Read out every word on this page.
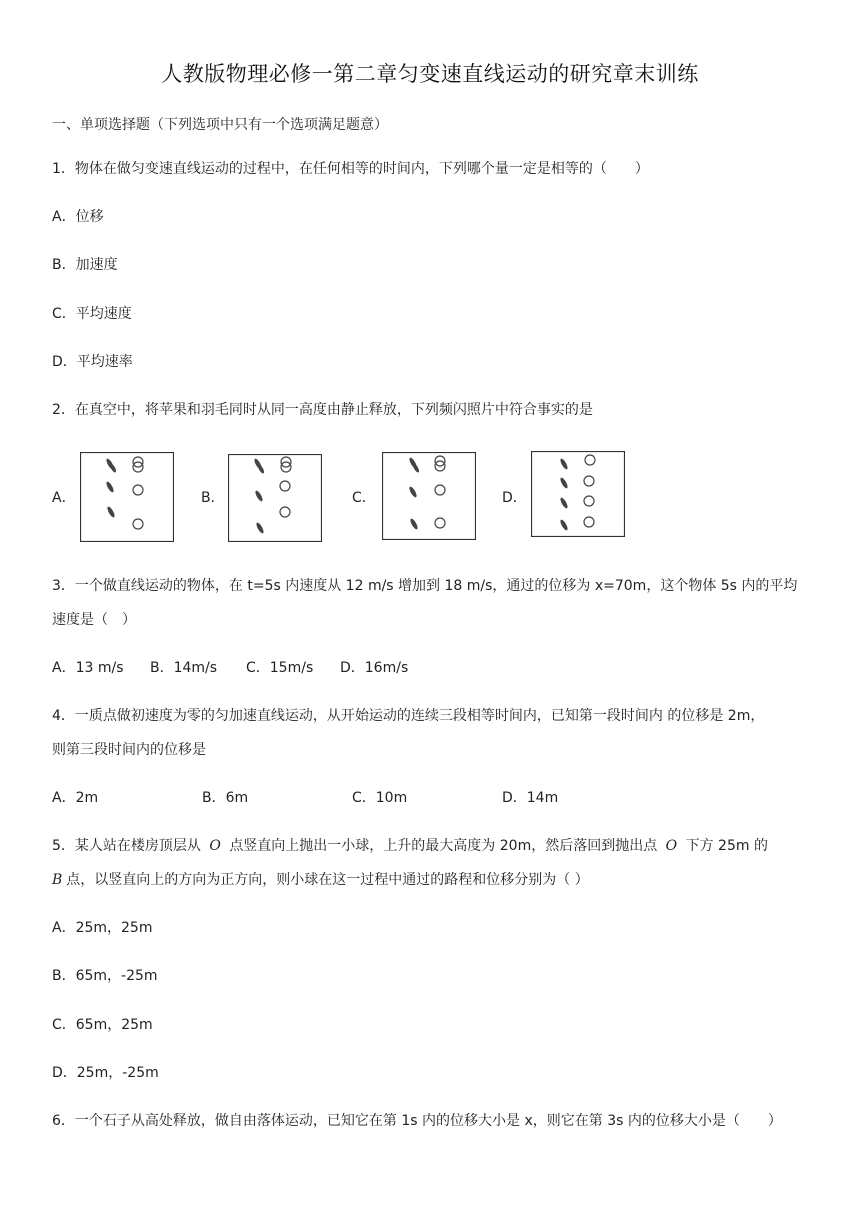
人教版物理必修一第二章匀变速直线运动的研究章末训练
一、单项选择题（下列选项中只有一个选项满足题意）
1．物体在做匀变速直线运动的过程中，在任何相等的时间内，下列哪个量一定是相等的（　　）
A．位移
B．加速度
C．平均速度
D．平均速率
2．在真空中，将苹果和羽毛同时从同一高度由静止释放，下列频闪照片中符合事实的是
A．	B．	C．	D．
3．一个做直线运动的物体，在 t=5s 内速度从 12 m/s 增加到 18 m/s，通过的位移为 x=70m，这个物体 5s 内的平均
速度是（　）
A．13 m/s B．14m/s C．15m/s D．16m/s
4．一质点做初速度为零的匀加速直线运动，从开始运动的连续三段相等时间内，已知第一段时间内 的位移是 2m，
则第三段时间内的位移是
A．2m	B．6m	C．10m	D．14m
5．某人站在楼房顶层从 O 点竖直向上抛出一小球，上升的最大高度为 20m，然后落回到抛出点 O 下方 25m 的
B 点，以竖直向上的方向为正方向，则小球在这一过程中通过的路程和位移分别为（ ）
A．25m，25m
B．65m，-25m
C．65m，25m
D．25m，-25m
6．一个石子从高处释放，做自由落体运动，已知它在第 1s 内的位移大小是 x，则它在第 3s 内的位移大小是（　　）
